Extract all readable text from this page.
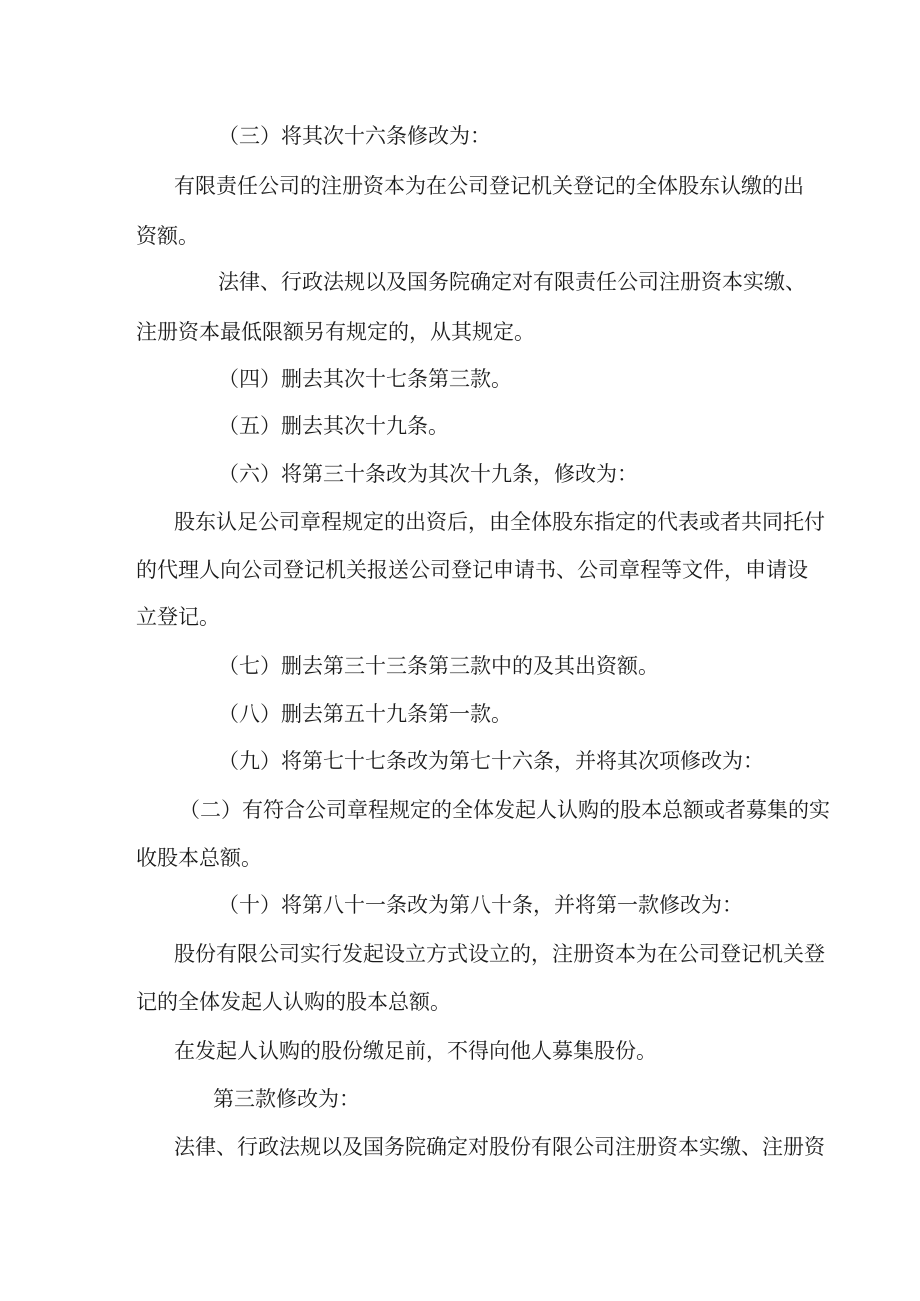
（三）将其次十六条修改为：

有限责任公司的注册资本为在公司登记机关登记的全体股东认缴的出

资额。

法律、行政法规以及国务院确定对有限责任公司注册资本实缴、

注册资本最低限额另有规定的，从其规定。

（四）删去其次十七条第三款。

（五）删去其次十九条。

（六）将第三十条改为其次十九条，修改为：

股东认足公司章程规定的出资后，由全体股东指定的代表或者共同托付

的代理人向公司登记机关报送公司登记申请书、公司章程等文件，申请设

立登记。

（七）删去第三十三条第三款中的及其出资额。

（八）删去第五十九条第一款。

（九）将第七十七条改为第七十六条，并将其次项修改为：

（二）有符合公司章程规定的全体发起人认购的股本总额或者募集的实

收股本总额。

（十）将第八十一条改为第八十条，并将第一款修改为：

股份有限公司实行发起设立方式设立的，注册资本为在公司登记机关登

记的全体发起人认购的股本总额。

在发起人认购的股份缴足前，不得向他人募集股份。

第三款修改为：

法律、行政法规以及国务院确定对股份有限公司注册资本实缴、注册资
